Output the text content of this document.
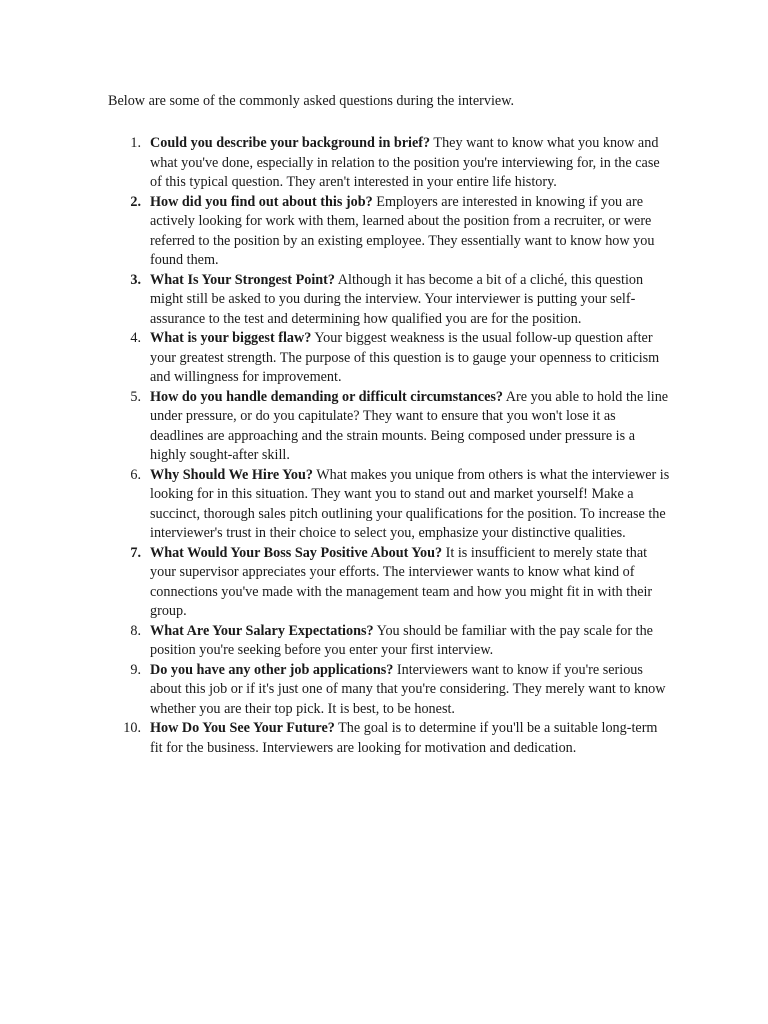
Below are some of the commonly asked questions during the interview.

1. Could you describe your background in brief? They want to know what you know and what you've done, especially in relation to the position you're interviewing for, in the case of this typical question. They aren't interested in your entire life history.
2. How did you find out about this job? Employers are interested in knowing if you are actively looking for work with them, learned about the position from a recruiter, or were referred to the position by an existing employee. They essentially want to know how you found them.
3. What Is Your Strongest Point? Although it has become a bit of a cliché, this question might still be asked to you during the interview. Your interviewer is putting your self-assurance to the test and determining how qualified you are for the position.
4. What is your biggest flaw? Your biggest weakness is the usual follow-up question after your greatest strength. The purpose of this question is to gauge your openness to criticism and willingness for improvement.
5. How do you handle demanding or difficult circumstances? Are you able to hold the line under pressure, or do you capitulate? They want to ensure that you won't lose it as deadlines are approaching and the strain mounts. Being composed under pressure is a highly sought-after skill.
6. Why Should We Hire You? What makes you unique from others is what the interviewer is looking for in this situation. They want you to stand out and market yourself! Make a succinct, thorough sales pitch outlining your qualifications for the position. To increase the interviewer's trust in their choice to select you, emphasize your distinctive qualities.
7. What Would Your Boss Say Positive About You? It is insufficient to merely state that your supervisor appreciates your efforts. The interviewer wants to know what kind of connections you've made with the management team and how you might fit in with their group.
8. What Are Your Salary Expectations? You should be familiar with the pay scale for the position you're seeking before you enter your first interview.
9. Do you have any other job applications? Interviewers want to know if you're serious about this job or if it's just one of many that you're considering. They merely want to know whether you are their top pick. It is best, to be honest.
10. How Do You See Your Future? The goal is to determine if you'll be a suitable long-term fit for the business. Interviewers are looking for motivation and dedication.
